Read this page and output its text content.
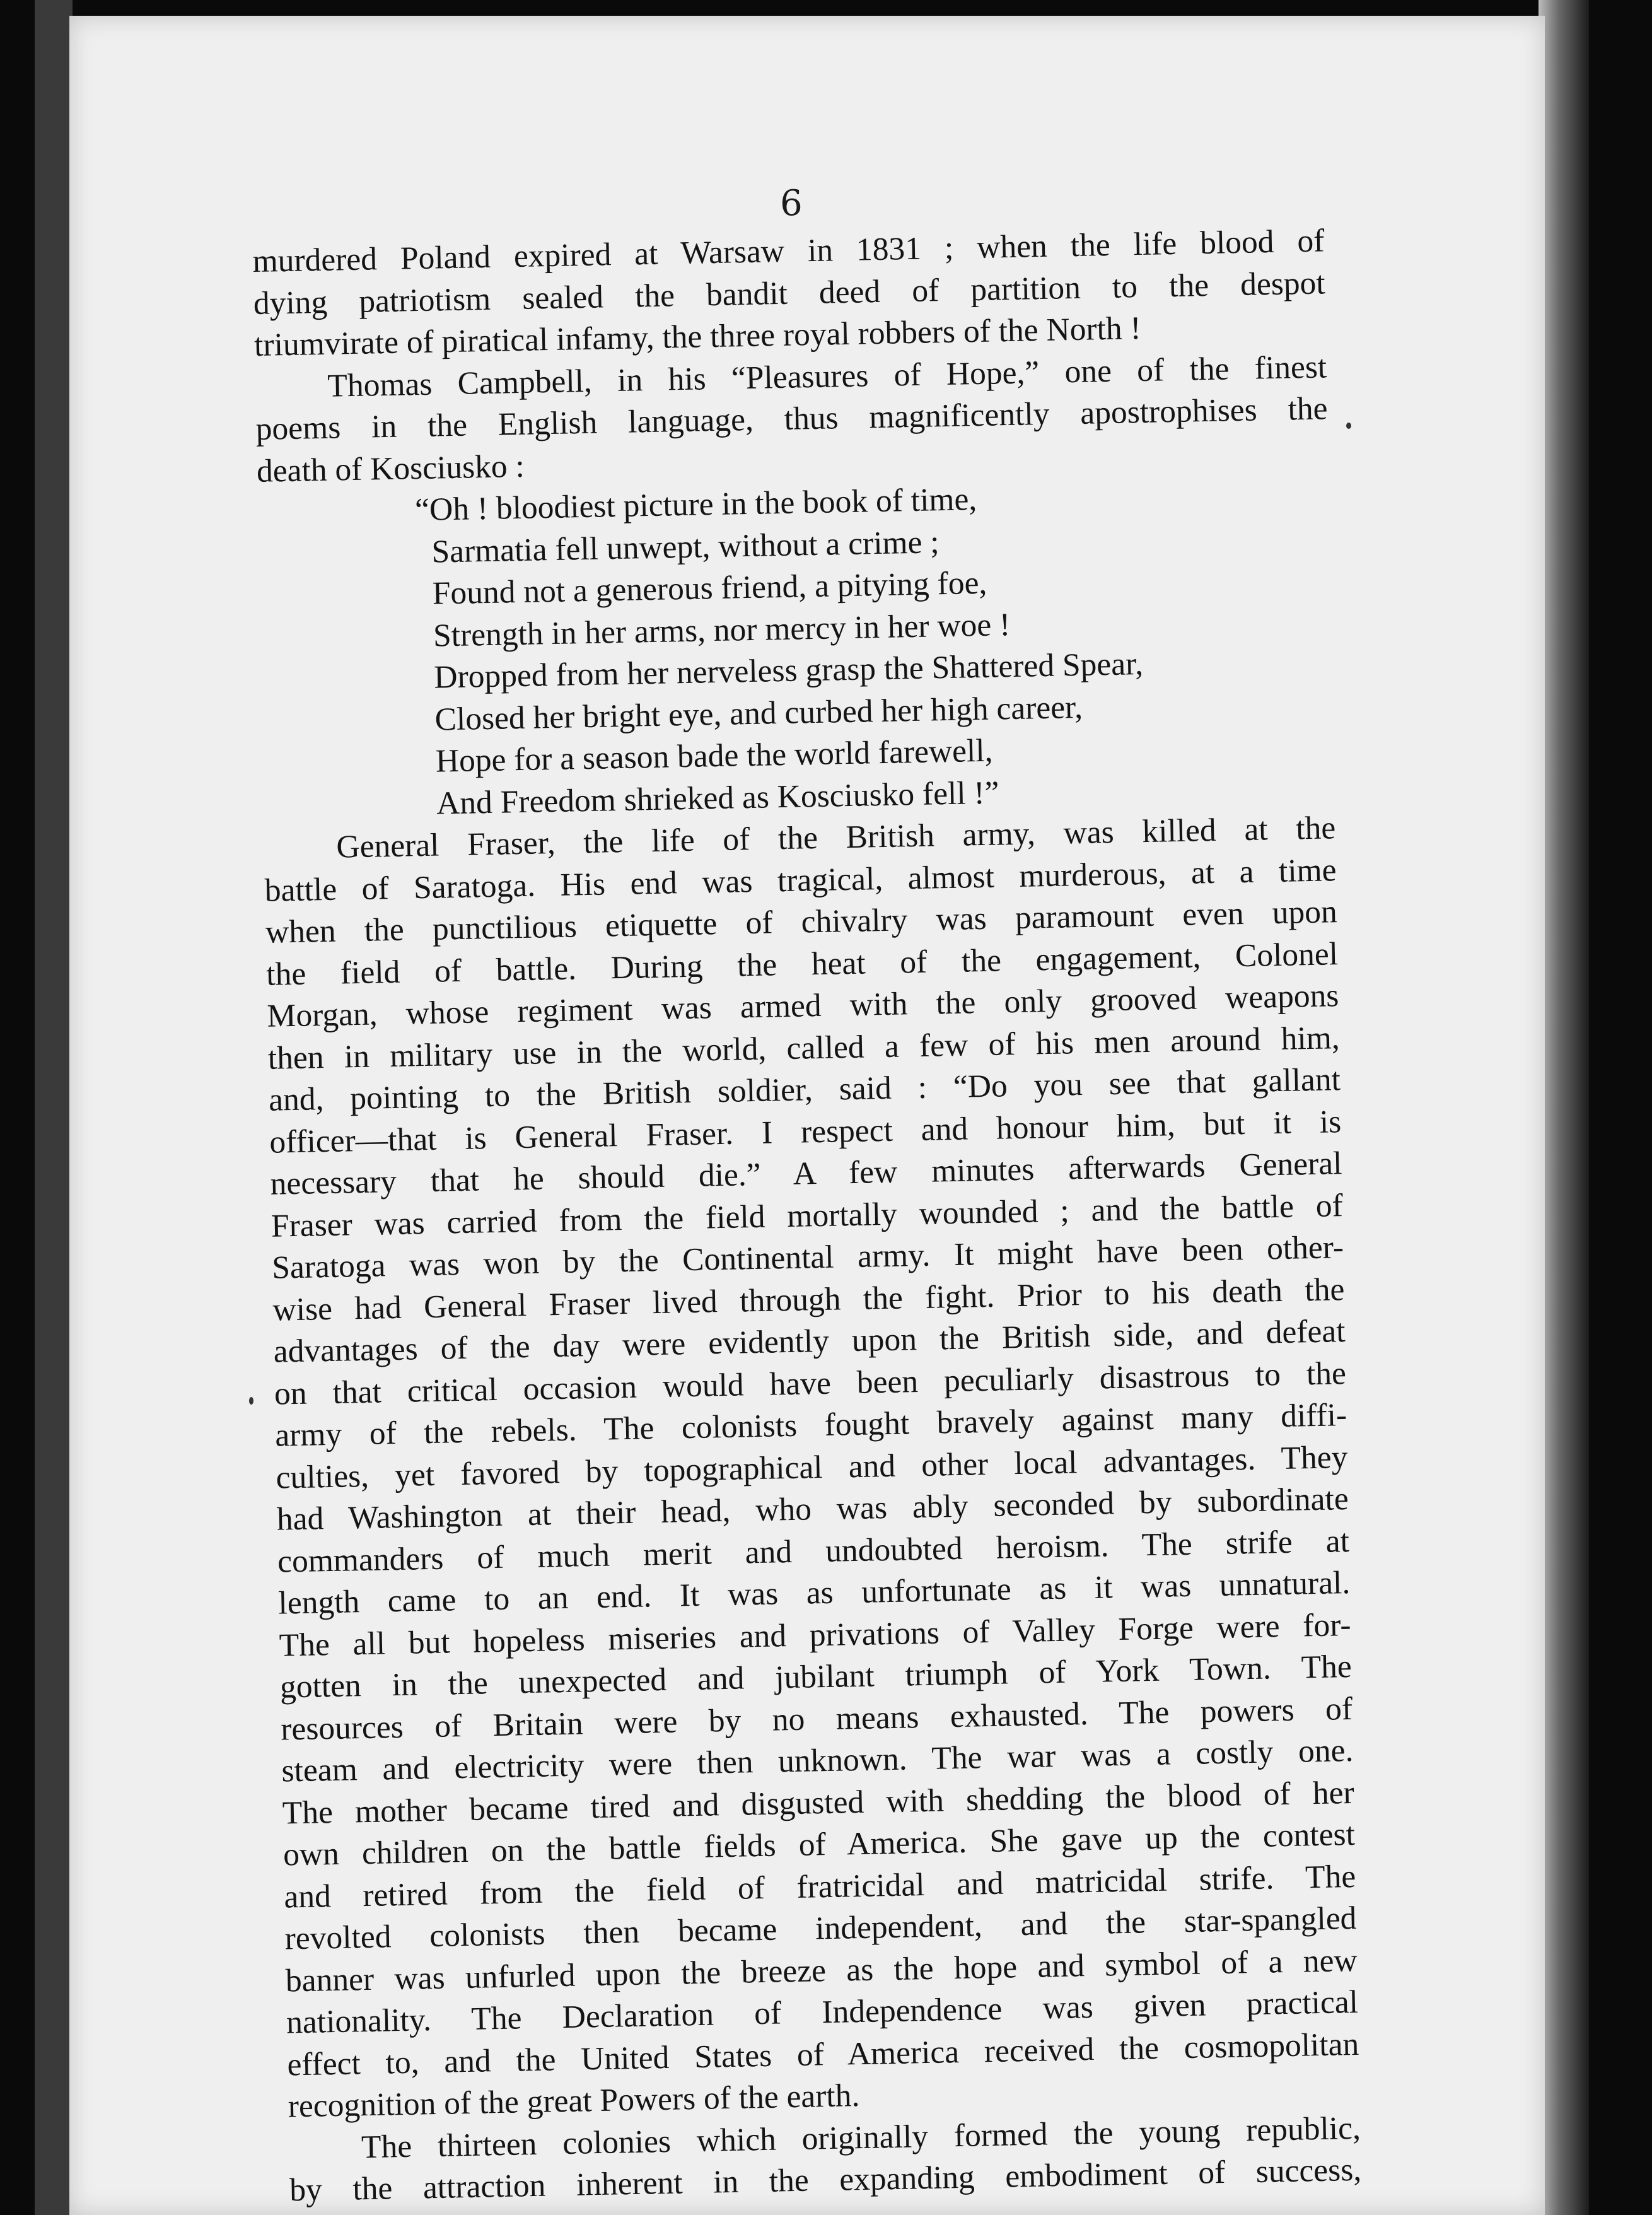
6
murdered Poland expired at Warsaw in 1831 ; when the life blood of
dying patriotism sealed the bandit deed of partition to the despot
triumvirate of piratical infamy, the three royal robbers of the North !
Thomas Campbell, in his “Pleasures of Hope,” one of the finest
poems in the English language, thus magnificently apostrophises the
death of Kosciusko :
“Oh ! bloodiest picture in the book of time,
Sarmatia fell unwept, without a crime ;
Found not a generous friend, a pitying foe,
Strength in her arms, nor mercy in her woe !
Dropped from her nerveless grasp the Shattered Spear,
Closed her bright eye, and curbed her high career,
Hope for a season bade the world farewell,
And Freedom shrieked as Kosciusko fell !”
General Fraser, the life of the British army, was killed at the
battle of Saratoga. His end was tragical, almost murderous, at a time
when the punctilious etiquette of chivalry was paramount even upon
the field of battle. During the heat of the engagement, Colonel
Morgan, whose regiment was armed with the only grooved weapons
then in military use in the world, called a few of his men around him,
and, pointing to the British soldier, said : “Do you see that gallant
officer—that is General Fraser. I respect and honour him, but it is
necessary that he should die.” A few minutes afterwards General
Fraser was carried from the field mortally wounded ; and the battle of
Saratoga was won by the Continental army. It might have been other-
wise had General Fraser lived through the fight. Prior to his death the
advantages of the day were evidently upon the British side, and defeat
on that critical occasion would have been peculiarly disastrous to the
army of the rebels. The colonists fought bravely against many diffi-
culties, yet favored by topographical and other local advantages. They
had Washington at their head, who was ably seconded by subordinate
commanders of much merit and undoubted heroism. The strife at
length came to an end. It was as unfortunate as it was unnatural.
The all but hopeless miseries and privations of Valley Forge were for-
gotten in the unexpected and jubilant triumph of York Town. The
resources of Britain were by no means exhausted. The powers of
steam and electricity were then unknown. The war was a costly one.
The mother became tired and disgusted with shedding the blood of her
own children on the battle fields of America. She gave up the contest
and retired from the field of fratricidal and matricidal strife. The
revolted colonists then became independent, and the star-spangled
banner was unfurled upon the breeze as the hope and symbol of a new
nationality. The Declaration of Independence was given practical
effect to, and the United States of America received the cosmopolitan
recognition of the great Powers of the earth.
The thirteen colonies which originally formed the young republic,
by the attraction inherent in the expanding embodiment of success,
